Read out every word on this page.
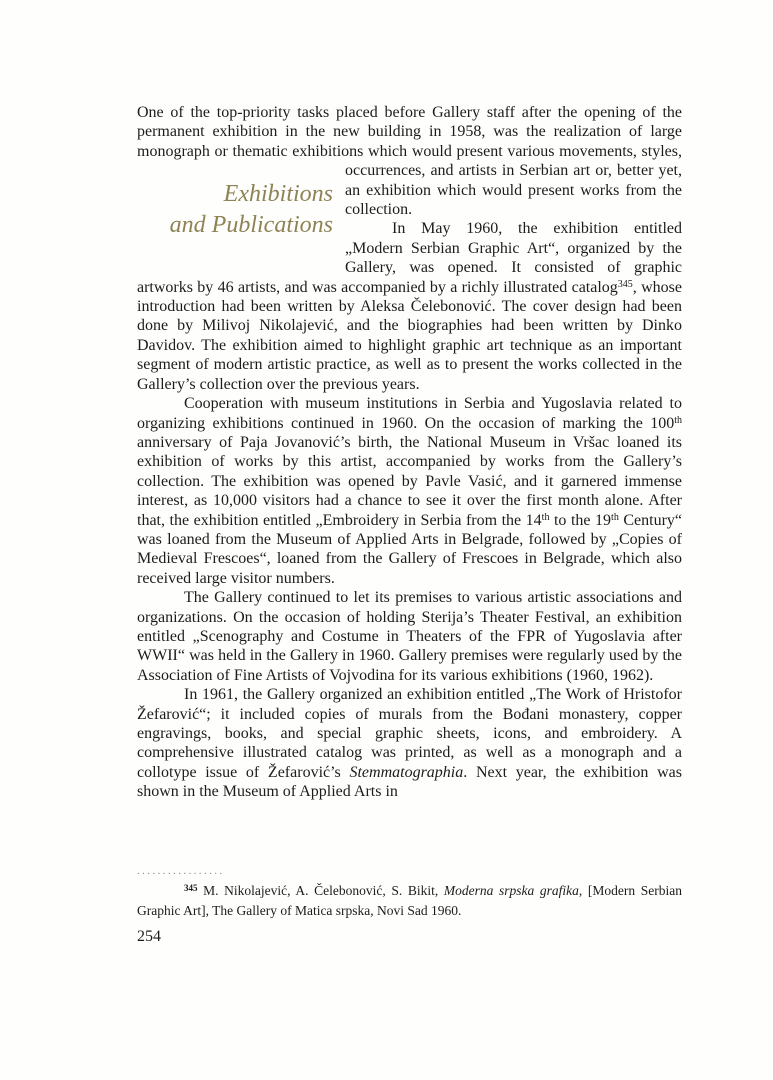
One of the top-priority tasks placed before Gallery staff after the opening of the permanent exhibition in the new building in 1958, was the realization of large monograph or thematic exhibitions which would present various
Exhibitions
and Publications
movements, styles, occurrences, and artists in Serbian art or, better yet, an exhibition which would present works from the collection.

In May 1960, the exhibition entitled „Modern Serbian Graphic Art“, organized by the Gallery, was opened. It consisted of graphic artworks by 46 artists, and was accompanied by a richly illustrated catalog$^{345}$, whose introduction had been written by Aleksa Čelebonović. The cover design had been done by Milivoj Nikolajević, and the biographies had been written by Dinko Davidov. The exhibition aimed to highlight graphic art technique as an important segment of modern artistic practice, as well as to present the works collected in the Gallery’s collection over the previous years.

Cooperation with museum institutions in Serbia and Yugoslavia related to organizing exhibitions continued in 1960. On the occasion of marking the 100th anniversary of Paja Jovanović’s birth, the National Museum in Vršac loaned its exhibition of works by this artist, accompanied by works from the Gallery’s collection. The exhibition was opened by Pavle Vasić, and it garnered immense interest, as 10,000 visitors had a chance to see it over the first month alone. After that, the exhibition entitled „Embroidery in Serbia from the 14th to the 19th Century“ was loaned from the Museum of Applied Arts in Belgrade, followed by „Copies of Medieval Frescoes“, loaned from the Gallery of Frescoes in Belgrade, which also received large visitor numbers.

The Gallery continued to let its premises to various artistic associations and organizations. On the occasion of holding Sterija’s Theater Festival, an exhibition entitled „Scenography and Costume in Theaters of the FPR of Yugoslavia after WWII“ was held in the Gallery in 1960. Gallery premises were regularly used by the Association of Fine Artists of Vojvodina for its various exhibitions (1960, 1962).

In 1961, the Gallery organized an exhibition entitled „The Work of Hristofor Žefarović“; it included copies of murals from the Bođani monastery, copper engravings, books, and special graphic sheets, icons, and embroidery. A comprehensive illustrated catalog was printed, as well as a monograph and a collotype issue of Žefarović’s Stemmatographia. Next year, the exhibition was shown in the Museum of Applied Arts in

.................

$^{345}$ M. Nikolajević, A. Čelebonović, S. Bikit, Moderna srpska grafika, [Modern Serbian Graphic Art], The Gallery of Matica srpska, Novi Sad 1960.

254
